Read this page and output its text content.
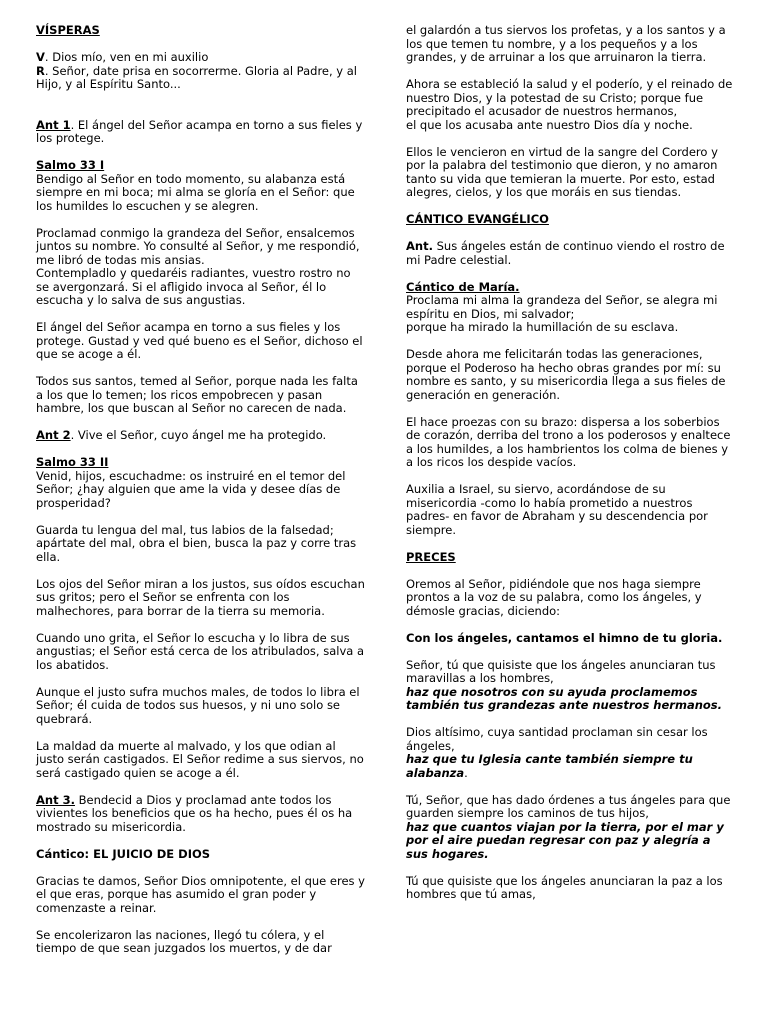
VÍSPERAS

V. Dios mío, ven en mi auxilio

R. Señor, date prisa en socorrerme. Gloria al Padre, y al Hijo, y al Espíritu Santo...

Ant 1. El ángel del Señor acampa en torno a sus fieles y los protege.

Salmo 33 I

Bendigo al Señor en todo momento, su alabanza está siempre en mi boca; mi alma se gloría en el Señor: que los humildes lo escuchen y se alegren.

Proclamad conmigo la grandeza del Señor, ensalcemos juntos su nombre. Yo consulté al Señor, y me respondió, me libró de todas mis ansias.

Contempladlo y quedaréis radiantes, vuestro rostro no se avergonzará. Si el afligido invoca al Señor, él lo escucha y lo salva de sus angustias.

El ángel del Señor acampa en torno a sus fieles y los protege. Gustad y ved qué bueno es el Señor, dichoso el que se acoge a él.

Todos sus santos, temed al Señor, porque nada les falta a los que lo temen; los ricos empobrecen y pasan hambre, los que buscan al Señor no carecen de nada.

Ant 2. Vive el Señor, cuyo ángel me ha protegido.

Salmo 33 II

Venid, hijos, escuchadme: os instruiré en el temor del Señor; ¿hay alguien que ame la vida y desee días de prosperidad?

Guarda tu lengua del mal, tus labios de la falsedad; apártate del mal, obra el bien, busca la paz y corre tras ella.

Los ojos del Señor miran a los justos, sus oídos escuchan sus gritos; pero el Señor se enfrenta con los malhechores, para borrar de la tierra su memoria.

Cuando uno grita, el Señor lo escucha y lo libra de sus angustias; el Señor está cerca de los atribulados, salva a los abatidos.

Aunque el justo sufra muchos males, de todos lo libra el Señor; él cuida de todos sus huesos, y ni uno solo se quebrará.

La maldad da muerte al malvado, y los que odian al justo serán castigados. El Señor redime a sus siervos, no será castigado quien se acoge a él.

Ant 3. Bendecid a Dios y proclamad ante todos los vivientes los beneficios que os ha hecho, pues él os ha mostrado su misericordia.

Cántico: EL JUICIO DE DIOS

Gracias te damos, Señor Dios omnipotente, el que eres y el que eras, porque has asumido el gran poder y comenzaste a reinar.

Se encolerizaron las naciones, llegó tu cólera, y el tiempo de que sean juzgados los muertos, y de dar

el galardón a tus siervos los profetas, y a los santos y a los que temen tu nombre, y a los pequeños y a los grandes, y de arruinar a los que arruinaron la tierra.

Ahora se estableció la salud y el poderío, y el reinado de nuestro Dios, y la potestad de su Cristo; porque fue precipitado el acusador de nuestros hermanos,

el que los acusaba ante nuestro Dios día y noche.

Ellos le vencieron en virtud de la sangre del Cordero y por la palabra del testimonio que dieron, y no amaron tanto su vida que temieran la muerte. Por esto, estad alegres, cielos, y los que moráis en sus tiendas.

CÁNTICO EVANGÉLICO

Ant. Sus ángeles están de continuo viendo el rostro de mi Padre celestial.

Cántico de María.

Proclama mi alma la grandeza del Señor, se alegra mi espíritu en Dios, mi salvador;

porque ha mirado la humillación de su esclava.

Desde ahora me felicitarán todas las generaciones, porque el Poderoso ha hecho obras grandes por mí: su nombre es santo, y su misericordia llega a sus fieles de generación en generación.

El hace proezas con su brazo: dispersa a los soberbios de corazón, derriba del trono a los poderosos y enaltece a los humildes, a los hambrientos los colma de bienes y a los ricos los despide vacíos.

Auxilia a Israel, su siervo, acordándose de su misericordia -como lo había prometido a nuestros padres- en favor de Abraham y su descendencia por siempre.

PRECES

Oremos al Señor, pidiéndole que nos haga siempre prontos a la voz de su palabra, como los ángeles, y démosle gracias, diciendo:

Con los ángeles, cantamos el himno de tu gloria.

Señor, tú que quisiste que los ángeles anunciaran tus maravillas a los hombres,
haz que nosotros con su ayuda proclamemos también tus grandezas ante nuestros hermanos.

Dios altísimo, cuya santidad proclaman sin cesar los ángeles,
haz que tu Iglesia cante también siempre tu alabanza.

Tú, Señor, que has dado órdenes a tus ángeles para que guarden siempre los caminos de tus hijos,
haz que cuantos viajan por la tierra, por el mar y por el aire puedan regresar con paz y alegría a sus hogares.

Tú que quisiste que los ángeles anunciaran la paz a los hombres que tú amas,
